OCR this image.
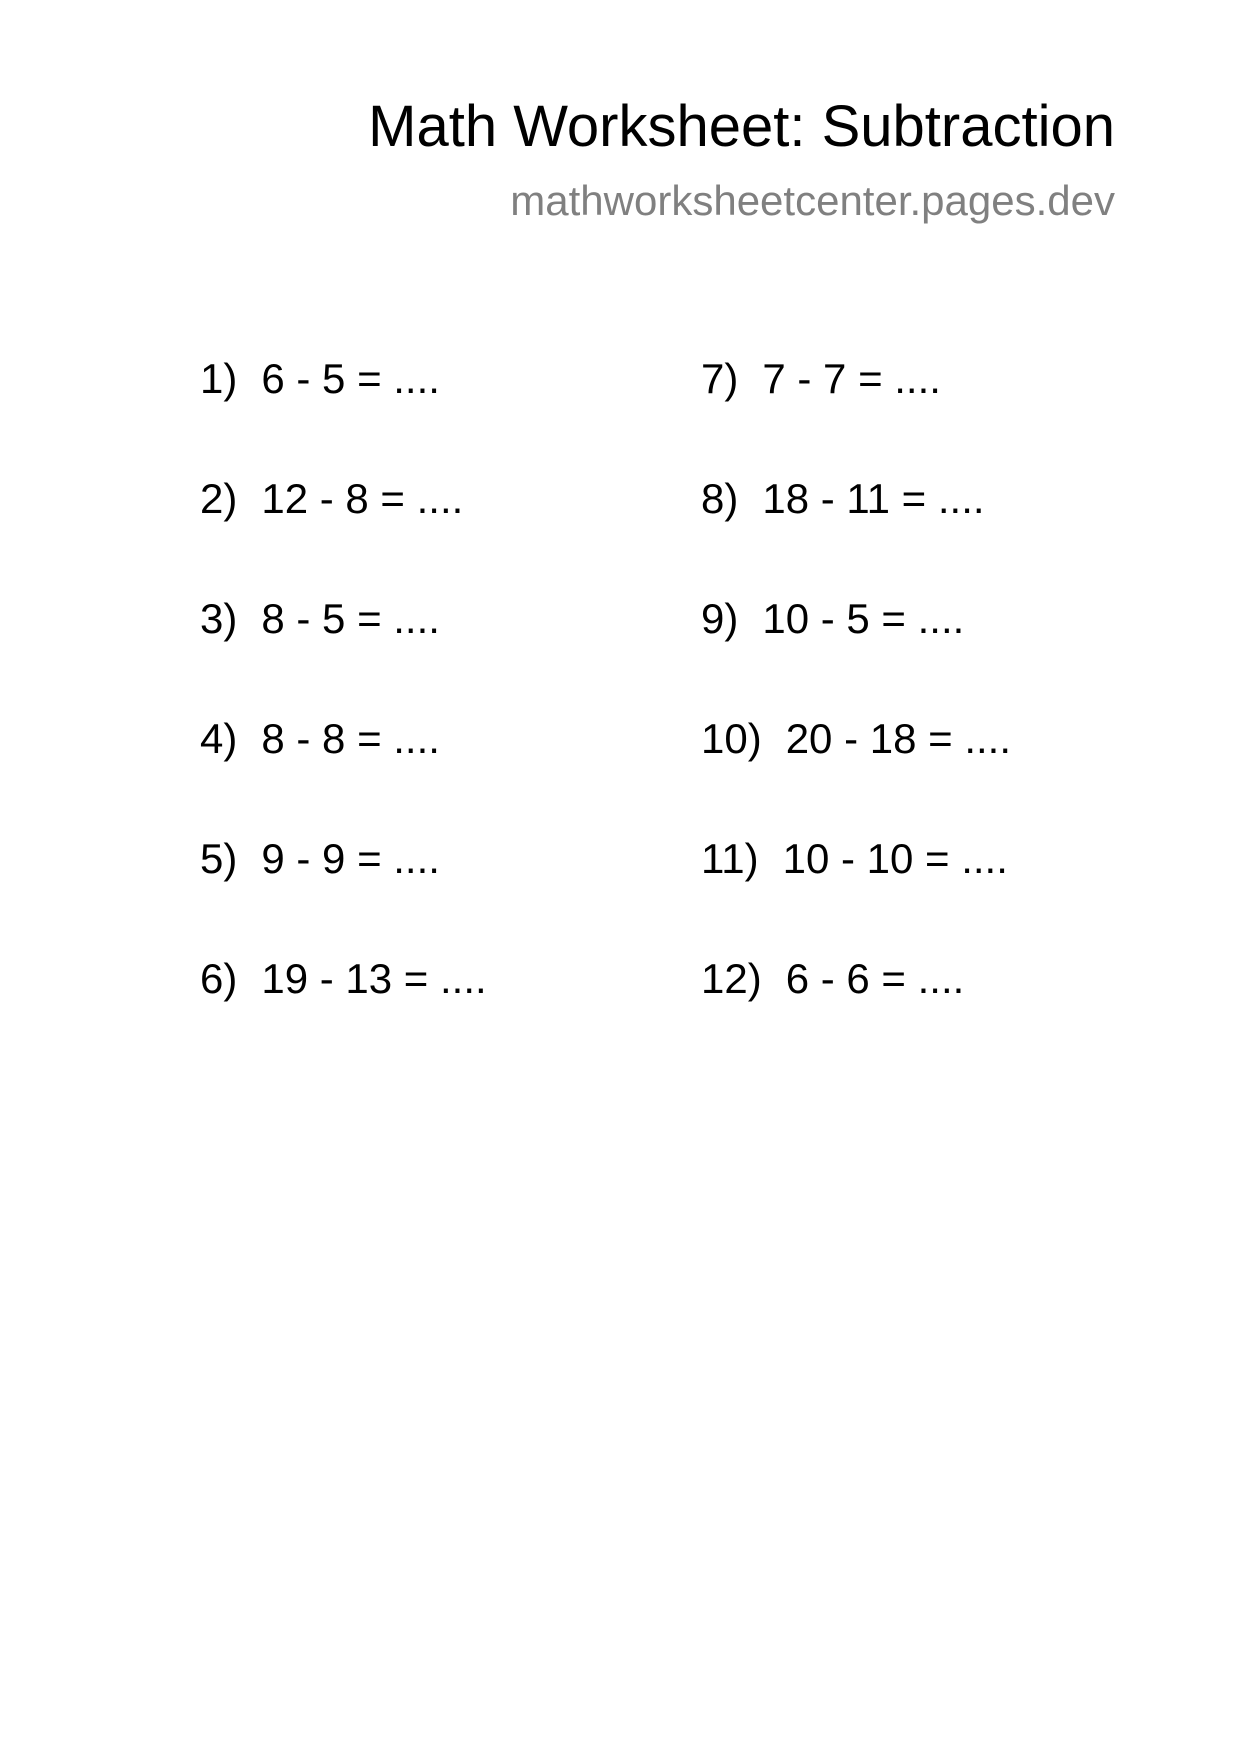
Math Worksheet: Subtraction
mathworksheetcenter.pages.dev
1) 6 - 5 = ....
2) 12 - 8 = ....
3) 8 - 5 = ....
4) 8 - 8 = ....
5) 9 - 9 = ....
6) 19 - 13 = ....
7) 7 - 7 = ....
8) 18 - 11 = ....
9) 10 - 5 = ....
10) 20 - 18 = ....
11) 10 - 10 = ....
12) 6 - 6 = ....
